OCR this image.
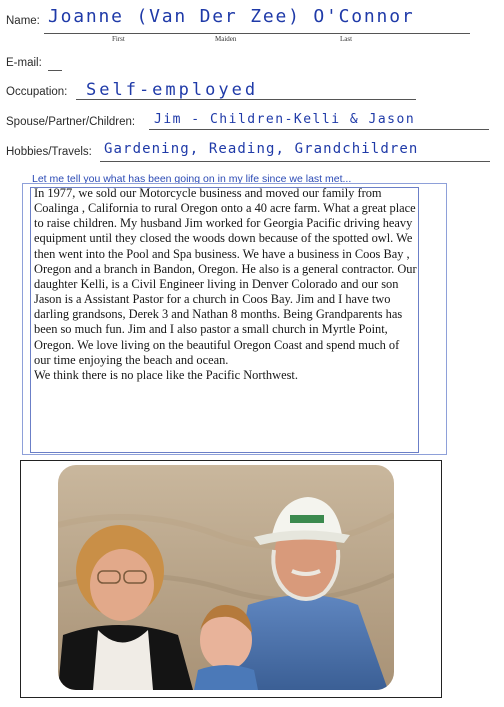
Name: Joanne (Van Der Zee) O'Connor
First	Maiden	Last
E-mail:
Occupation: Self-employed
Spouse/Partner/Children: Jim - Children-Kelli & Jason
Hobbies/Travels: Gardening, Reading, Grandchildren
Let me tell you what has been going on in my life since we last met...

In 1977, we sold our Motorcycle business and moved our family from Coalinga , California to rural Oregon onto a 40 acre farm. What a great place to raise children. My husband Jim worked for Georgia Pacific driving heavy equipment until they closed the woods down because of the spotted owl. We then went into the Pool and Spa business. We have a business in Coos Bay , Oregon and a branch in Bandon, Oregon. He also is a general contractor. Our daughter Kelli, is a Civil Engineer living in Denver Colorado and our son Jason is a Assistant Pastor for a church in Coos Bay. Jim and I have two darling grandsons, Derek 3 and Nathan 8 months. Being Grandparents has been so much fun. Jim and I also pastor a small church in Myrtle Point, Oregon. We love living on the beautiful Oregon Coast and spend much of our time enjoying the beach and ocean.

We think there is no place like the Pacific Northwest.
